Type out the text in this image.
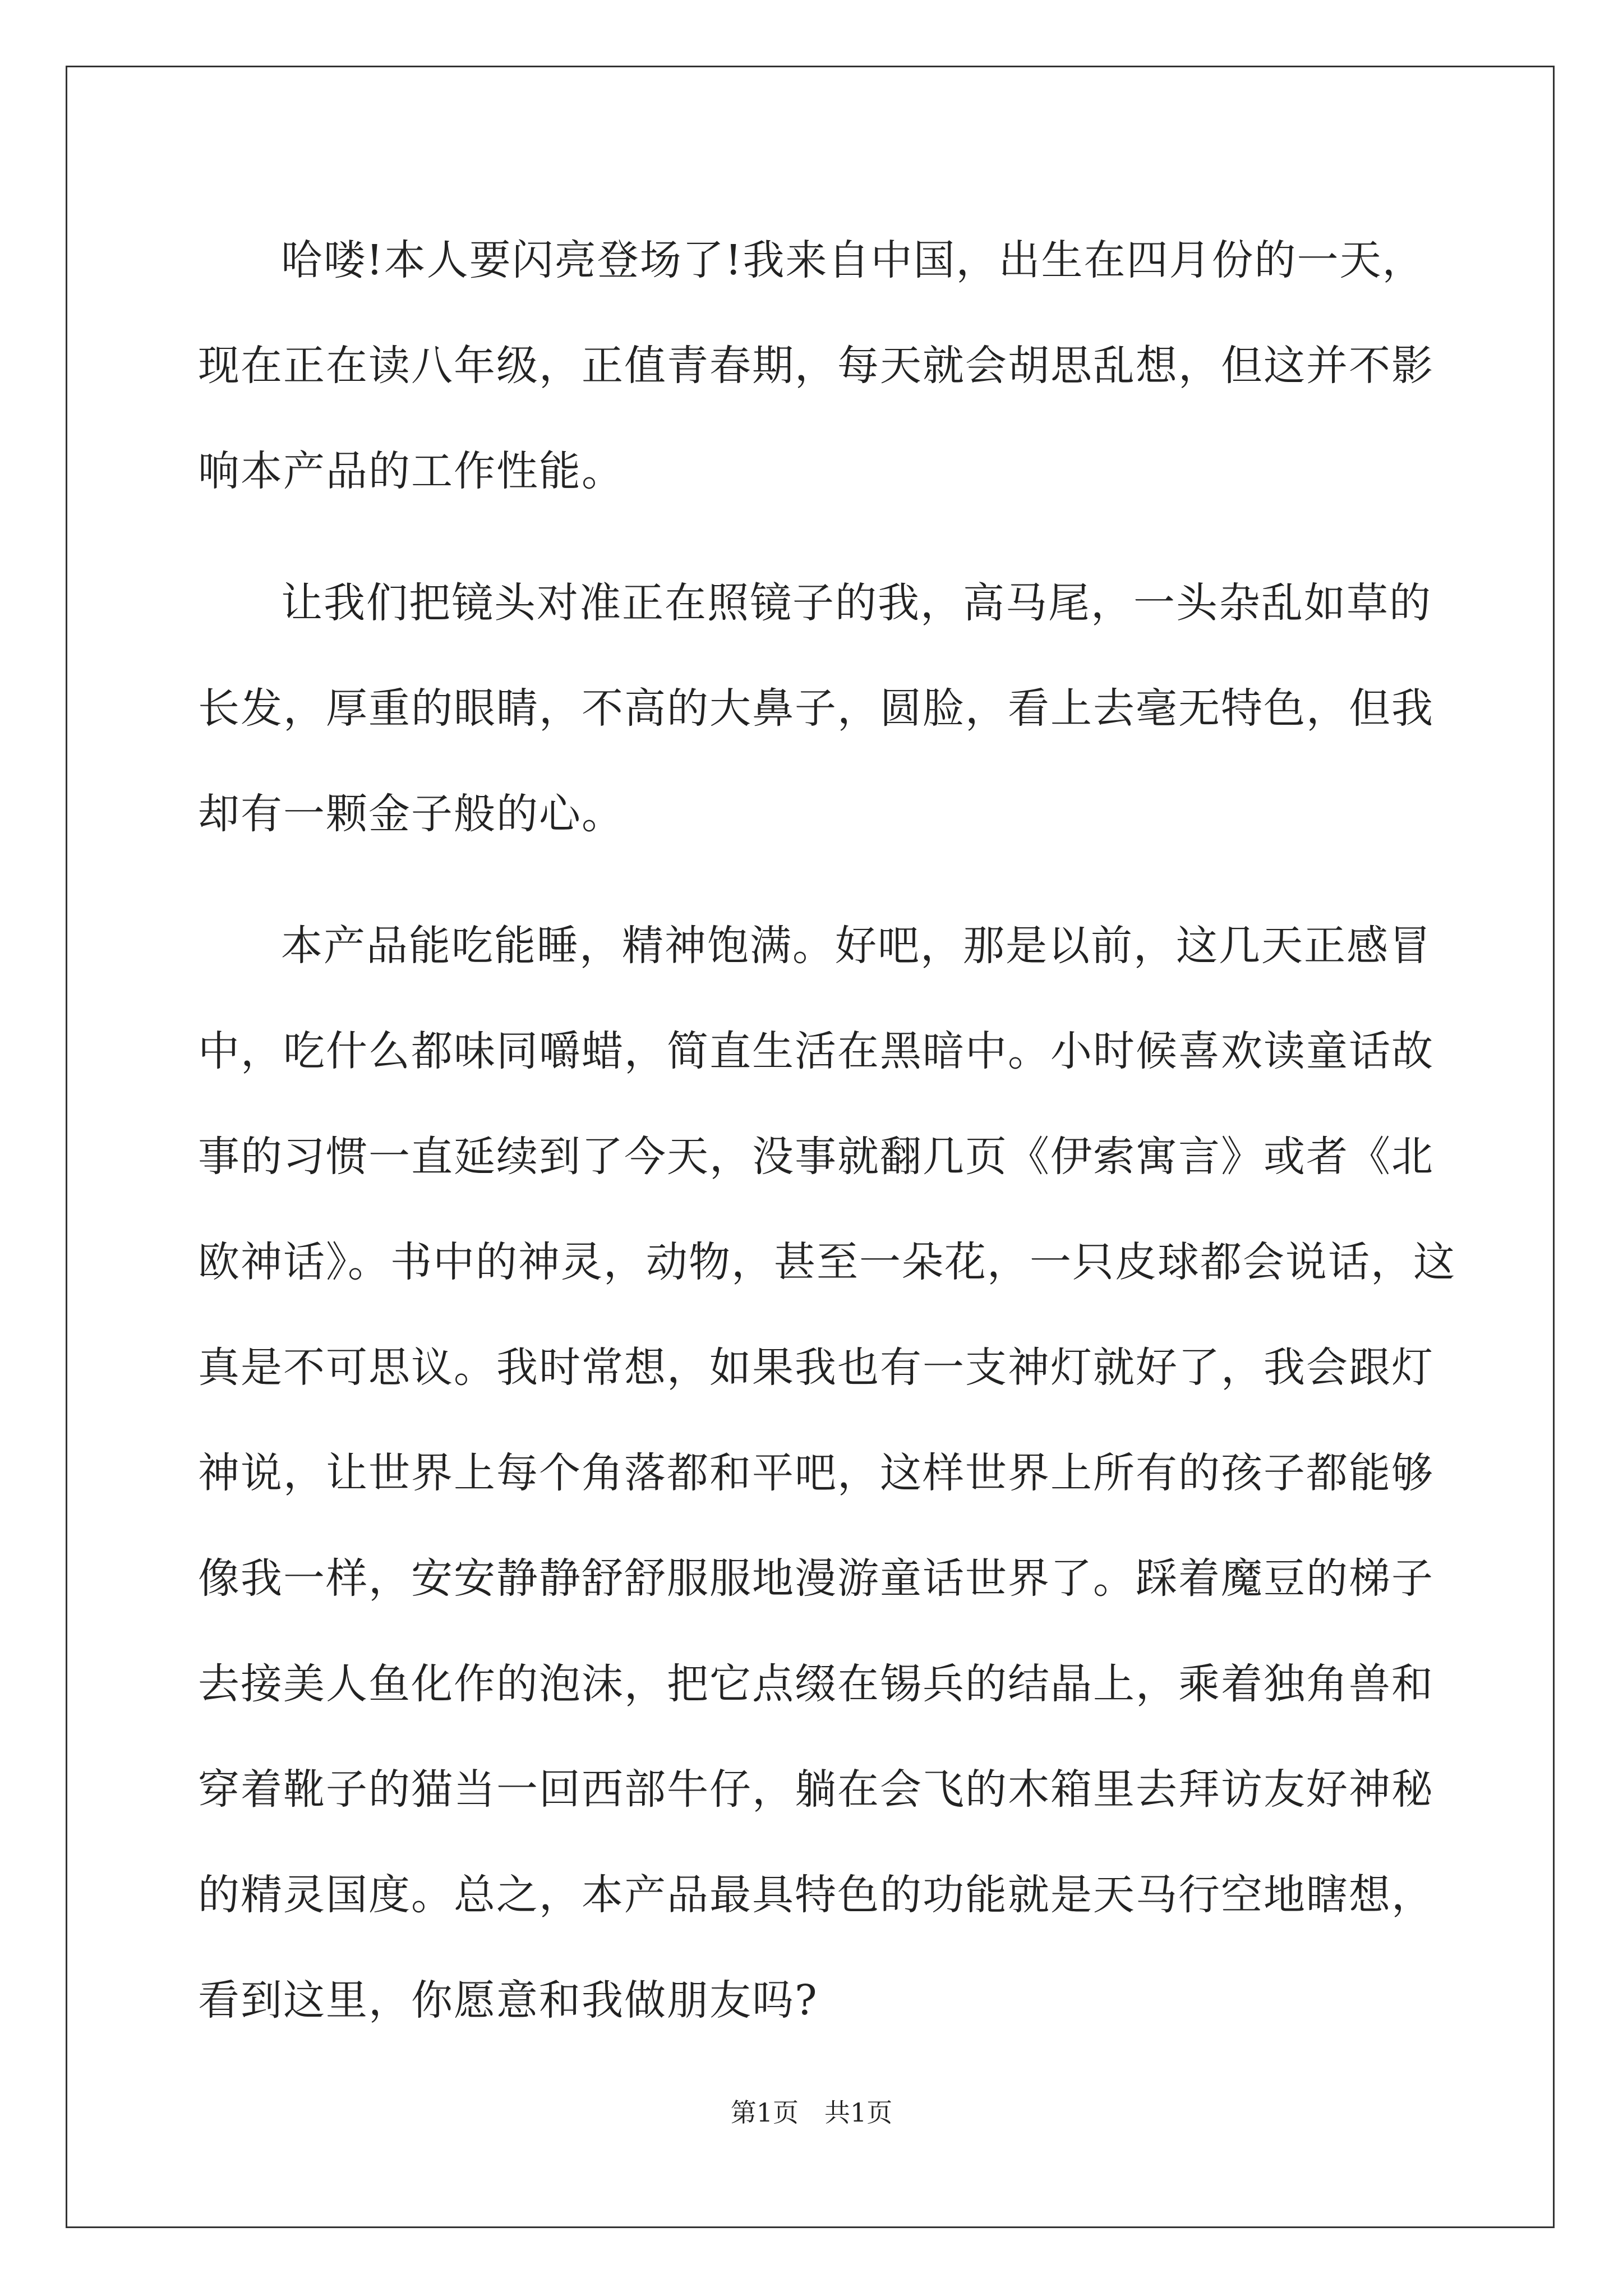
哈喽!本人要闪亮登场了!我来自中国，出生在四月份的一天，现在正在读八年级，正值青春期，每天就会胡思乱想，但这并不影响本产品的工作性能。

让我们把镜头对准正在照镜子的我，高马尾，一头杂乱如草的长发，厚重的眼睛，不高的大鼻子，圆脸，看上去毫无特色，但我却有一颗金子般的心。

本产品能吃能睡，精神饱满。好吧，那是以前，这几天正感冒中，吃什么都味同嚼蜡，简直生活在黑暗中。小时候喜欢读童话故事的习惯一直延续到了今天，没事就翻几页《伊索寓言》或者《北欧神话》。书中的神灵，动物，甚至一朵花，一只皮球都会说话，这真是不可思议。我时常想，如果我也有一支神灯就好了，我会跟灯神说，让世界上每个角落都和平吧，这样世界上所有的孩子都能够像我一样，安安静静舒舒服服地漫游童话世界了。踩着魔豆的梯子去接美人鱼化作的泡沫，把它点缀在锡兵的结晶上，乘着独角兽和穿着靴子的猫当一回西部牛仔，躺在会飞的木箱里去拜访友好神秘的精灵国度。总之，本产品最具特色的功能就是天马行空地瞎想，看到这里，你愿意和我做朋友吗?

第1页　共1页
